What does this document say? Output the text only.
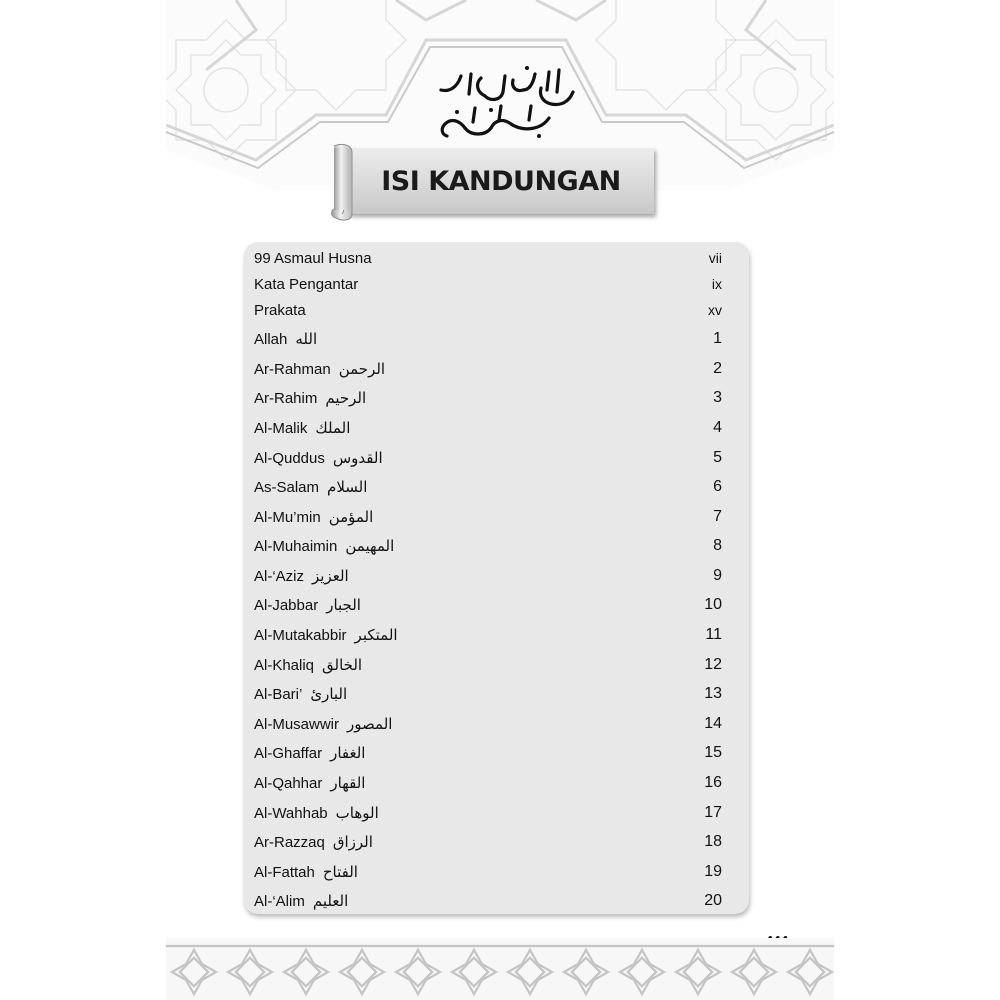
ISI KANDUNGAN
99 Asmaul Husna	vii
Kata Pengantar	ix
Prakata	xv
Allah الله	1
Ar-Rahman الرحمن	2
Ar-Rahim الرحيم	3
Al-Malik الملك	4
Al-Quddus القدوس	5
As-Salam السلام	6
Al-Mu’min المؤمن	7
Al-Muhaimin المهيمن	8
Al-‘Aziz العزيز	9
Al-Jabbar الجبار	10
Al-Mutakabbir المتكبر	11
Al-Khaliq الخالق	12
Al-Bari’ البارئ	13
Al-Musawwir المصور	14
Al-Ghaffar الغفار	15
Al-Qahhar القهار	16
Al-Wahhab الوهاب	17
Ar-Razzaq الرزاق	18
Al-Fattah الفتاح	19
Al-‘Alim العليم	20
